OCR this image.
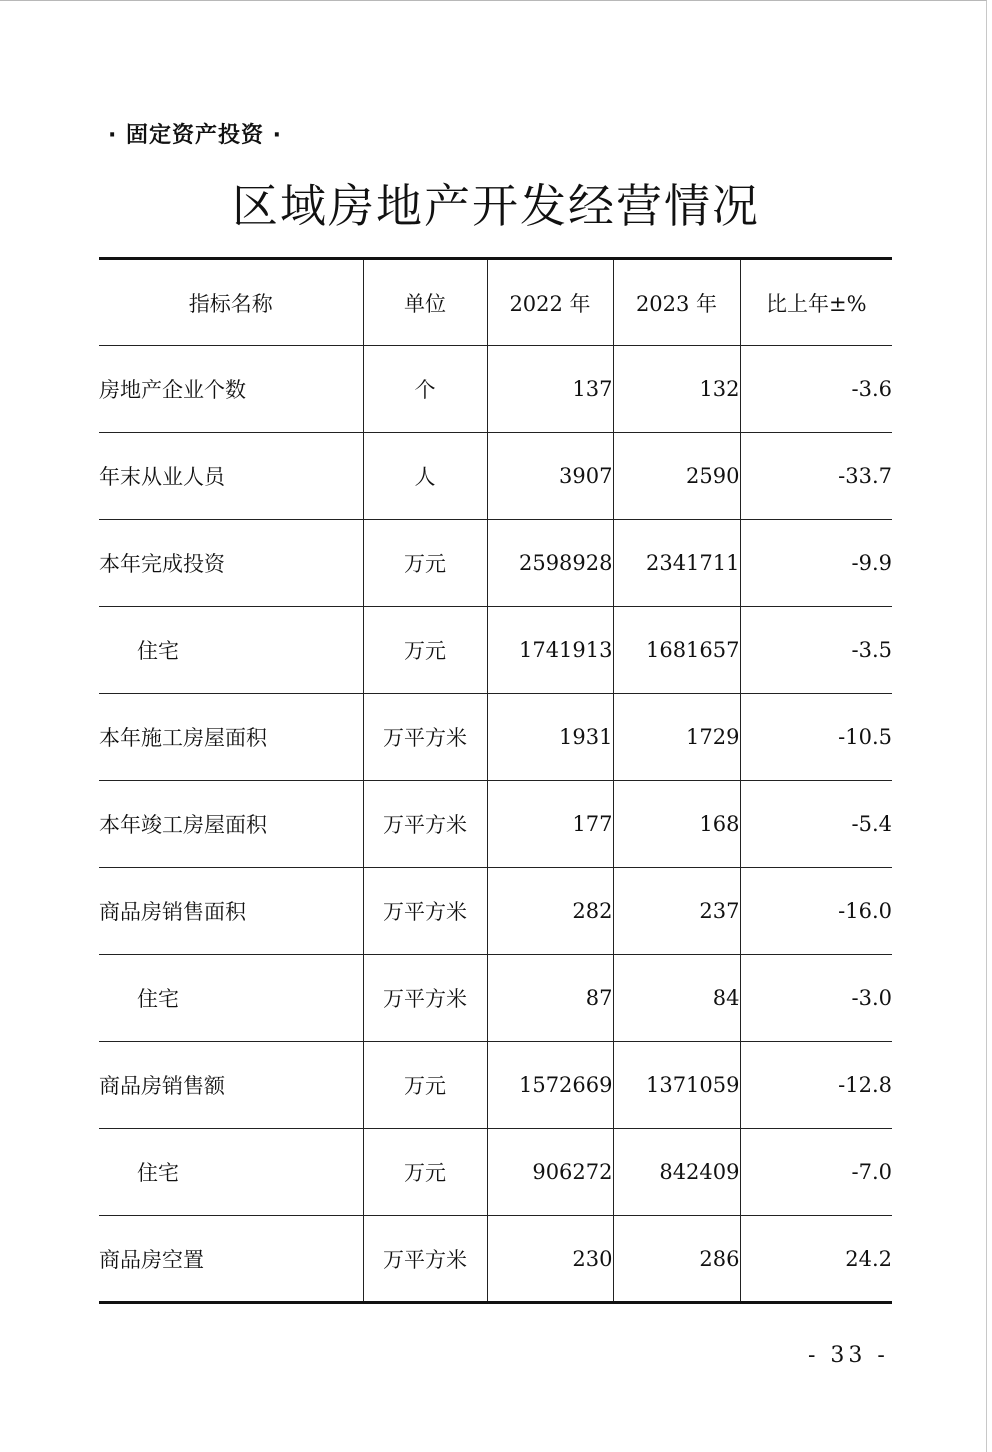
· 固定资产投资 ·
区域房地产开发经营情况
指标名称	单位	2022 年	2023 年	比上年±%
房地产企业个数	个	137	132	-3.6
年末从业人员	人	3907	2590	-33.7
本年完成投资	万元	2598928	2341711	-9.9
住宅	万元	1741913	1681657	-3.5
本年施工房屋面积	万平方米	1931	1729	-10.5
本年竣工房屋面积	万平方米	177	168	-5.4
商品房销售面积	万平方米	282	237	-16.0
住宅	万平方米	87	84	-3.0
商品房销售额	万元	1572669	1371059	-12.8
住宅	万元	906272	842409	-7.0
商品房空置	万平方米	230	286	24.2
- 33 -
